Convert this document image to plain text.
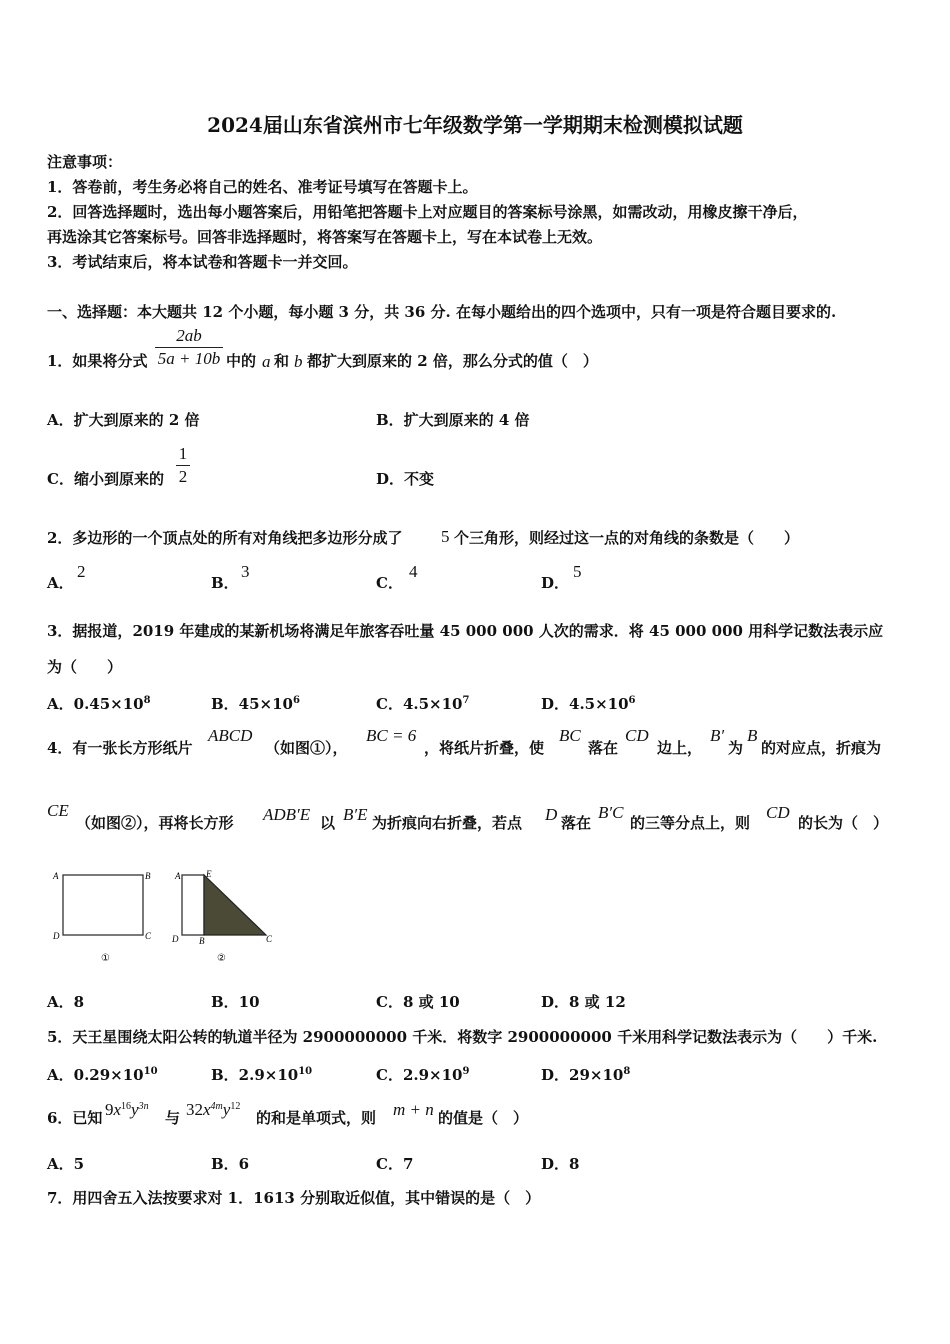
2024届山东省滨州市七年级数学第一学期期末检测模拟试题
注意事项：
1．答卷前，考生务必将自己的姓名、准考证号填写在答题卡上。
2．回答选择题时，选出每小题答案后，用铅笔把答题卡上对应题目的答案标号涂黑，如需改动，用橡皮擦干净后，
再选涂其它答案标号。回答非选择题时，将答案写在答题卡上，写在本试卷上无效。
3．考试结束后，将本试卷和答题卡一并交回。
一、选择题：本大题共 12 个小题，每小题 3 分，共 36 分. 在每小题给出的四个选项中，只有一项是符合题目要求的.
1．如果将分式
2ab
5a + 10b 中的 a 和 b 都扩大到原来的 2 倍，那么分式的值（　）
A．扩大到原来的 2 倍	B．扩大到原来的 4 倍
C．缩小到原来的
1
2	D．不变
2．多边形的一个顶点处的所有对角线把多边形分成了 5 个三角形，则经过这一点的对角线的条数是（　　）
A．
2
B．
3
C．
4
D．
5
3．据报道，2019 年建成的某新机场将满足年旅客吞吐量 45 000 000 人次的需求．将 45 000 000 用科学记数法表示应
为（　　）
A．$0.45\times 10^8$	B．$45\times 10^6$	C．$4.5\times 10^7$	D．$4.5\times 10^6$
4．有一张长方形纸片
ABCD
（如图①），
BC = 6
，将纸片折叠，使
BC
落在
CD
边上，
B′
为
B
的对应点，折痕为
CE
（如图②），再将长方形 ADB′E 以 B′E 为折痕向右折叠，若点 D 落在
B′C
的三等分点上，则
CD
的长为（　）
A	B
D	C
①
A	E
D B	C
②
A．8	B．10	C．8 或 10	D．8 或 12
5．天王星围绕太阳公转的轨道半径为 2900000000 千米．将数字 2900000000 千米用科学记数法表示为（　　）千米.
A．$0.29\times 10^{10}$	B．$2.9\times 10^{10}$	C．$2.9\times 10^9$	D．$29\times 10^8$
6．已知 $9x^{16}y^{3n}$
与 $32x^{4m}y^{12}$
的和是单项式，则 m + n 的值是（　）
A．5	B．6	C．7	D．8
7．用四舍五入法按要求对 1．1613 分别取近似值，其中错误的是（　）
